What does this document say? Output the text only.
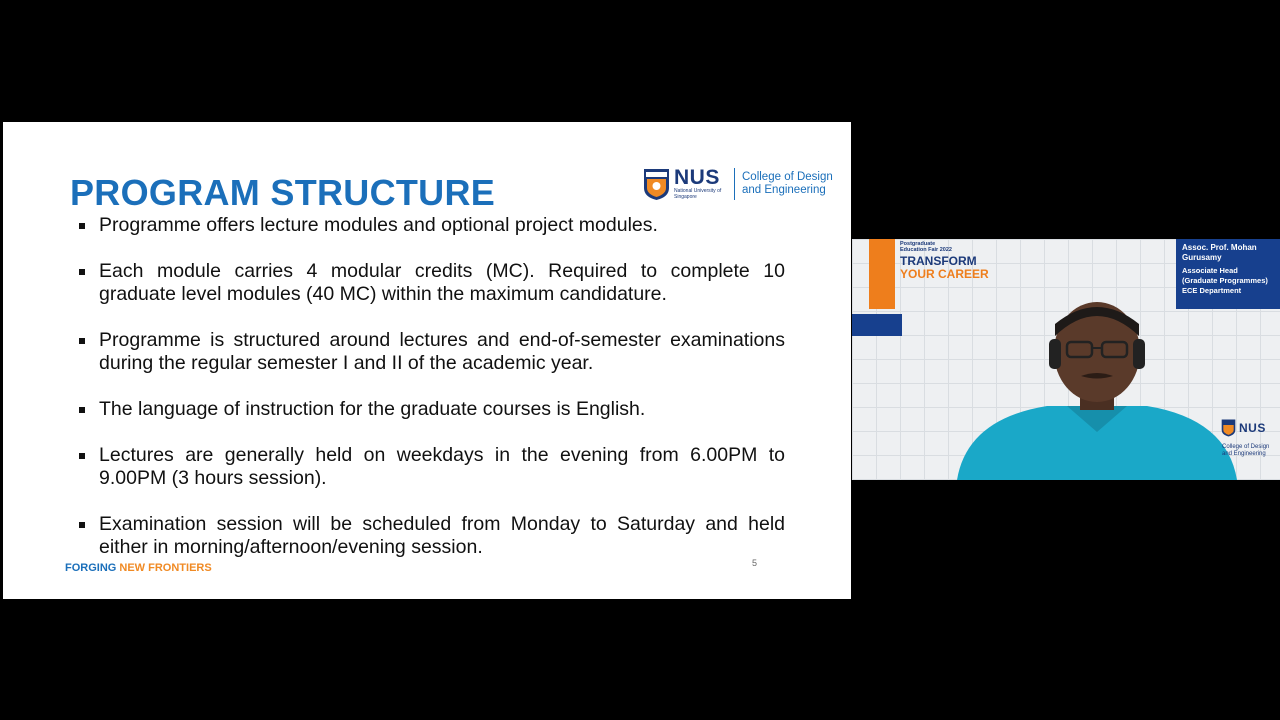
PROGRAM STRUCTURE	NUS
National University of Singapore
College of Design and Engineering
Programme offers lecture modules and optional project modules.
Each module carries 4 modular credits (MC). Required to complete 10 graduate level modules (40 MC) within the maximum candidature.
Programme is structured around lectures and end-of-semester examinations during the regular semester I and II of the academic year.
The language of instruction for the graduate courses is English.
Lectures are generally held on weekdays in the evening from 6.00PM to 9.00PM (3 hours session).
Examination session will be scheduled from Monday to Saturday and held either in morning/afternoon/evening session.
FORGING NEW FRONTIERS	5
Postgraduate Education Fair 2022
TRANSFORM
YOUR CAREER
Assoc. Prof. Mohan Gurusamy
Associate Head (Graduate Programmes) ECE Department
NUS
College of Design and Engineering
